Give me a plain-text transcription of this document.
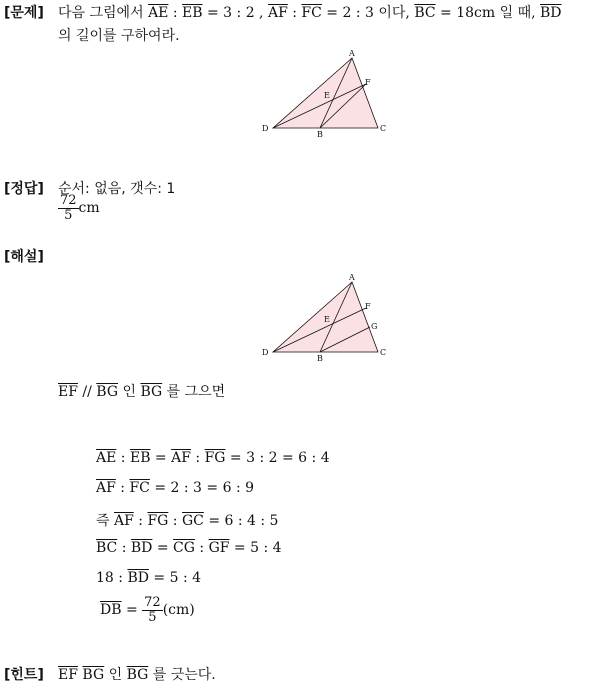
[문제] 다음 그림에서 $\overline{AE}$ : $\overline{EB} = 3$ : 2 , $\overline{AF}$ : $\overline{FC} = 2$ : 3 이다, $\overline{BC} = 18cm$ 일 때, $\overline{BD}$
의 길이를 구하여라.
A
F
E
D
B
C
[정답] 순서: 없음, 갯수: 1
$\frac{72}{5}$ cm
[해설]
A
F
E
G
D
B
C
$\overline{EF} // \overline{BG}$ 인 $\overline{BG}$ 를 그으면
$\overline{AE}$ : $\overline{EB} = \overline{AF}$ : $\overline{FG} = 3$ : 2 = 6 : 4
$\overline{AF}$ : $\overline{FC} = 2$ : 3 = 6 : 9
즉 $\overline{AF}$ : $\overline{FG}$ : $\overline{GC} = 6$ : 4 : 5
$\overline{BC}$ : $\overline{BD} = \overline{CG}$ : $\overline{GF} = 5$ : 4
18 : $\overline{BD} = 5$ : 4
$\overline{DB} = \frac{72}{5} (cm)$
[힌트] $\overline{EF}$ $\overline{BG}$ 인 $\overline{BG}$ 를 긋는다.
